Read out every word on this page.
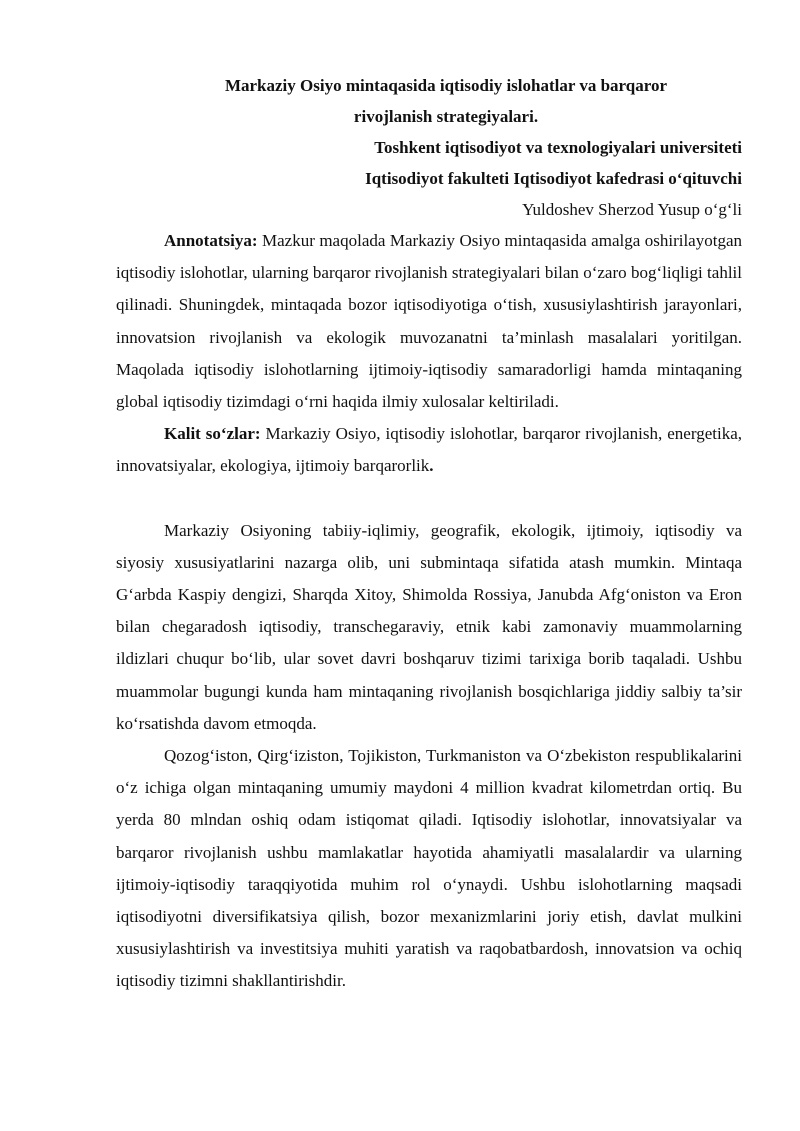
Markaziy Osiyo mintaqasida iqtisodiy islohatlar va barqaror rivojlanish strategiyalari.

Toshkent iqtisodiyot va texnologiyalari universiteti

Iqtisodiyot fakulteti Iqtisodiyot kafedrasi o‘qituvchi

Yuldoshev Sherzod Yusup o‘g‘li

Annotatsiya: Mazkur maqolada Markaziy Osiyo mintaqasida amalga oshirilayotgan iqtisodiy islohotlar, ularning barqaror rivojlanish strategiyalari bilan o‘zaro bog‘liqligi tahlil qilinadi. Shuningdek, mintaqada bozor iqtisodiyotiga o‘tish, xususiylashtirish jarayonlari, innovatsion rivojlanish va ekologik muvozanatni ta’minlash masalalari yoritilgan. Maqolada iqtisodiy islohotlarning ijtimoiy-iqtisodiy samaradorligi hamda mintaqaning global iqtisodiy tizimdagi o‘rni haqida ilmiy xulosalar keltiriladi.

Kalit so‘zlar: Markaziy Osiyo, iqtisodiy islohotlar, barqaror rivojlanish, energetika, innovatsiyalar, ekologiya, ijtimoiy barqarorlik.

Markaziy Osiyoning tabiiy-iqlimiy, geografik, ekologik, ijtimoiy, iqtisodiy va siyosiy xususiyatlarini nazarga olib, uni submintaqa sifatida atash mumkin. Mintaqa G‘arbda Kaspiy dengizi, Sharqda Xitoy, Shimolda Rossiya, Janubda Afg‘oniston va Eron bilan chegaradosh iqtisodiy, transchegaraviy, etnik kabi zamonaviy muammolarning ildizlari chuqur bo‘lib, ular sovet davri boshqaruv tizimi tarixiga borib taqaladi. Ushbu muammolar bugungi kunda ham mintaqaning rivojlanish bosqichlariga jiddiy salbiy ta’sir ko‘rsatishda davom etmoqda.

Qozog‘iston, Qirg‘iziston, Tojikiston, Turkmaniston va O‘zbekiston respublikalarini o‘z ichiga olgan mintaqaning umumiy maydoni 4 million kvadrat kilometrdan ortiq. Bu yerda 80 mlndan oshiq odam istiqomat qiladi. Iqtisodiy islohotlar, innovatsiyalar va barqaror rivojlanish ushbu mamlakatlar hayotida ahamiyatli masalalardir va ularning ijtimoiy-iqtisodiy taraqqiyotida muhim rol o‘ynaydi. Ushbu islohotlarning maqsadi iqtisodiyotni diversifikatsiya qilish, bozor mexanizmlarini joriy etish, davlat mulkini xususiylashtirish va investitsiya muhiti yaratish va raqobatbardosh, innovatsion va ochiq iqtisodiy tizimni shakllantirishdir.
